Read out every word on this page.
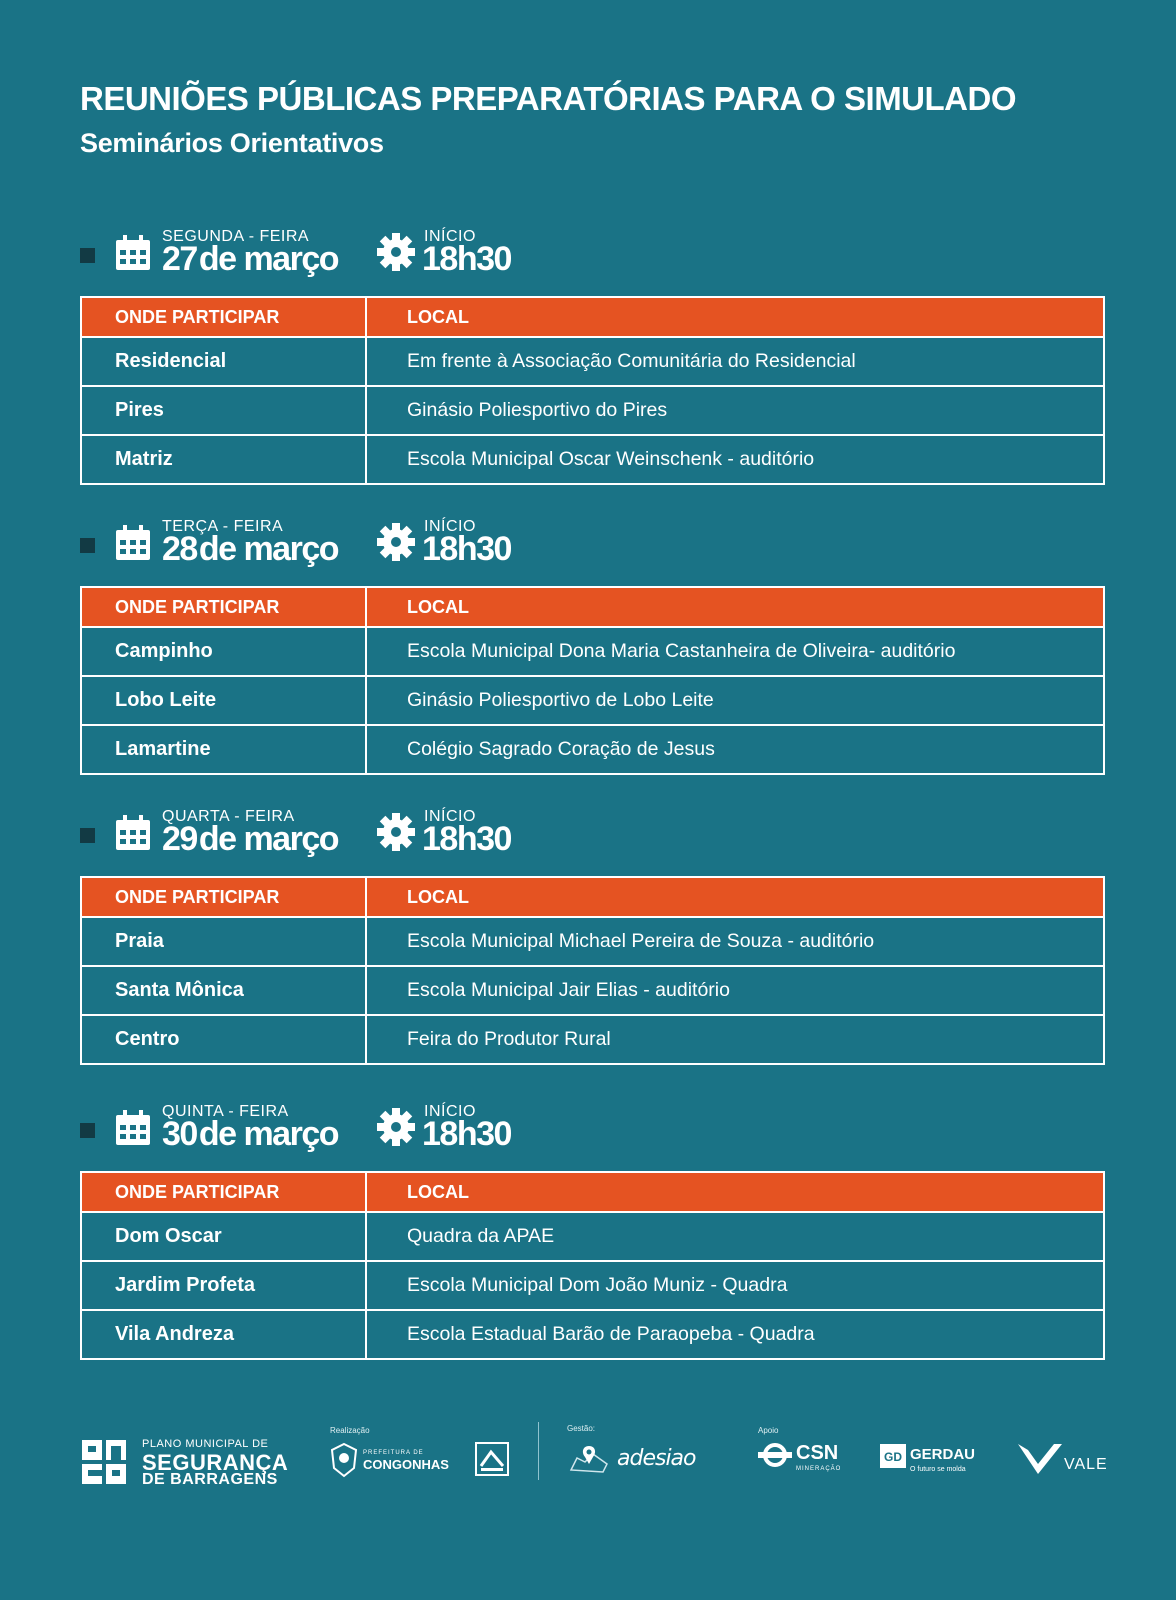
REUNIÕES PÚBLICAS PREPARATÓRIAS PARA O SIMULADO
Seminários Orientativos
SEGUNDA - FEIRA
27de março
INÍCIO
18h30
ONDE PARTICIPAR	LOCAL
Residencial	Em frente à Associação Comunitária do Residencial
Pires	Ginásio Poliesportivo do Pires
Matriz	Escola Municipal Oscar Weinschenk - auditório
TERÇA - FEIRA
28de março
INÍCIO
18h30
ONDE PARTICIPAR	LOCAL
Campinho	Escola Municipal Dona Maria Castanheira de Oliveira- auditório
Lobo Leite	Ginásio Poliesportivo de Lobo Leite
Lamartine	Colégio Sagrado Coração de Jesus
QUARTA - FEIRA
29de março
INÍCIO
18h30
ONDE PARTICIPAR	LOCAL
Praia	Escola Municipal Michael Pereira de Souza - auditório
Santa Mônica	Escola Municipal Jair Elias - auditório
Centro	Feira do Produtor Rural
QUINTA - FEIRA
30de março
INÍCIO
18h30
ONDE PARTICIPAR	LOCAL
Dom Oscar	Quadra da APAE
Jardim Profeta	Escola Municipal Dom João Muniz - Quadra
Vila Andreza	Escola Estadual Barão de Paraopeba - Quadra
PLANO MUNICIPAL DE
SEGURANÇA
DE BARRAGENS
Realização
PREFEITURA DE
CONGONHAS
Gestão:
adesiao
Apoio
CSN
MINERAÇÃO
GD GERDAU
O futuro se molda	VALE
